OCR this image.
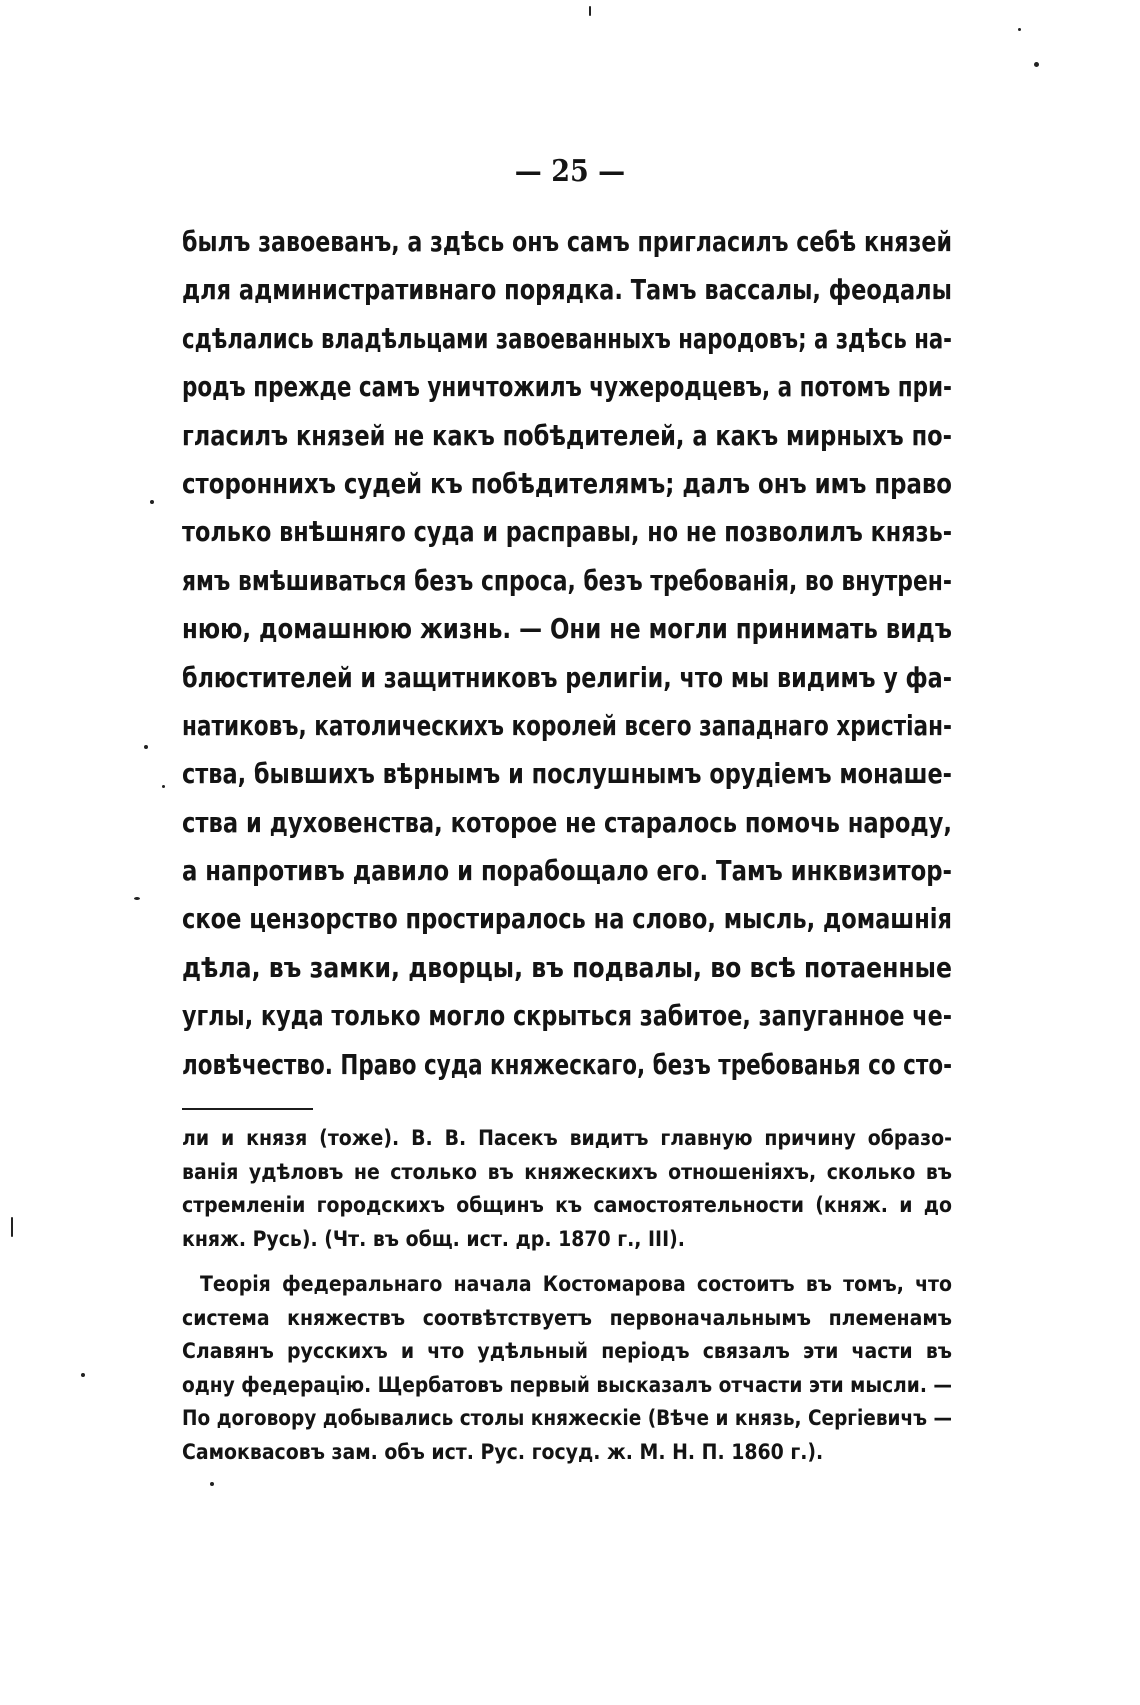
— 25 —
былъ завоеванъ, а здѣсь онъ самъ пригласилъ себѣ князей
для административнаго порядка. Тамъ вассалы, феодалы
сдѣлались владѣльцами завоеванныхъ народовъ; а здѣсь на-
родъ прежде самъ уничтожилъ чужеродцевъ, а потомъ при-
гласилъ князей не какъ побѣдителей, а какъ мирныхъ по-
стороннихъ судей къ побѣдителямъ; далъ онъ имъ право
только внѣшняго суда и расправы, но не позволилъ князь-
ямъ вмѣшиваться безъ спроса, безъ требованія, во внутрен-
нюю, домашнюю жизнь. — Они не могли принимать видъ
блюстителей и защитниковъ религіи, что мы видимъ у фа-
натиковъ, католическихъ королей всего западнаго христіан-
ства, бывшихъ вѣрнымъ и послушнымъ орудіемъ монаше-
ства и духовенства, которое не старалось помочь народу,
а напротивъ давило и порабощало его. Тамъ инквизитор-
ское цензорство простиралось на слово, мысль, домашнія
дѣла, въ замки, дворцы, въ подвалы, во всѣ потаенные
углы, куда только могло скрыться забитое, запуганное че-
ловѣчество. Право суда княжескаго, безъ требованья со сто-
ли и князя (тоже). В. В. Пасекъ видитъ главную причину образо-
ванія удѣловъ не столько въ княжескихъ отношеніяхъ, сколько въ
стремленіи городскихъ общинъ къ самостоятельности (княж. и до
княж. Русь). (Чт. въ общ. ист. др. 1870 г., III).
Теорія федеральнаго начала Костомарова состоитъ въ томъ, что
система княжествъ соотвѣтствуетъ первоначальнымъ племенамъ
Славянъ русскихъ и что удѣльный періодъ связалъ эти части въ
одну федерацію. Щербатовъ первый высказалъ отчасти эти мысли. —
По договору добывались столы княжескіе (Вѣче и князь, Сергіевичъ —
Самоквасовъ зам. объ ист. Рус. госуд. ж. М. Н. П. 1860 г.).
